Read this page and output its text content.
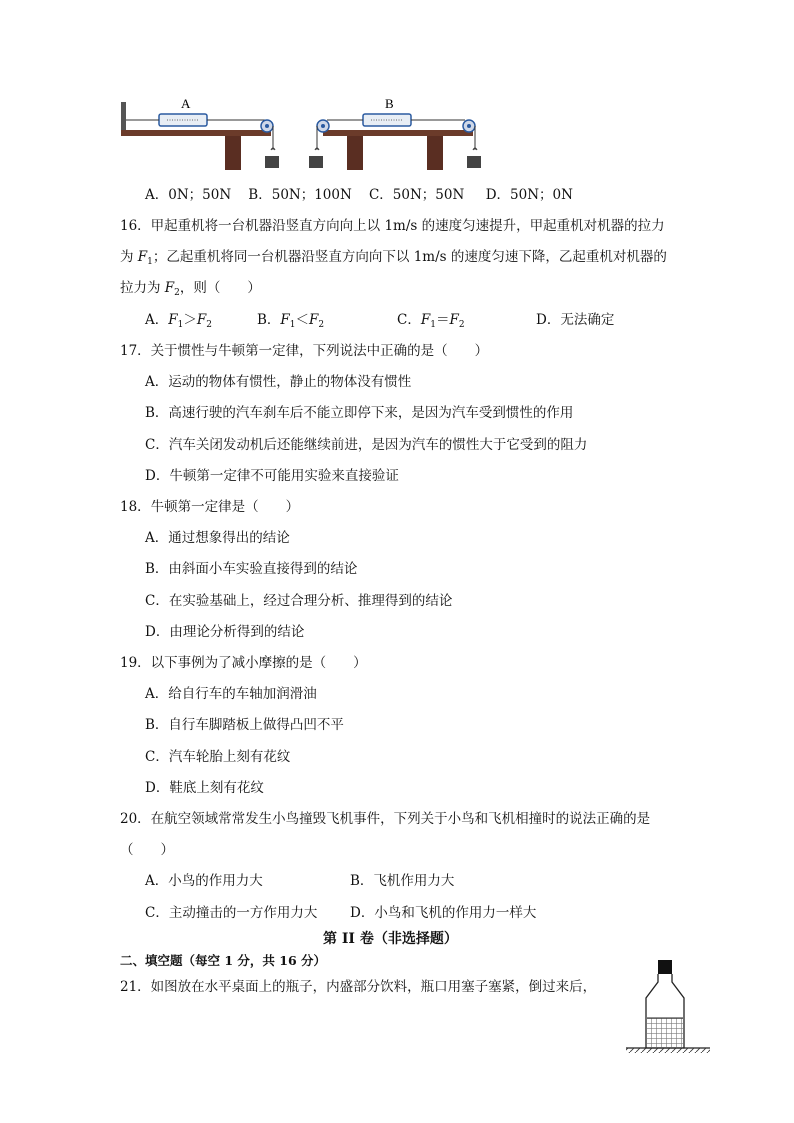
A	B
A．0N；50N    B．50N；100N    C．50N；50N     D．50N；0N
16．甲起重机将一台机器沿竖直方向向上以 1m/s 的速度匀速提升，甲起重机对机器的拉力
为 $F_1$；乙起重机将同一台机器沿竖直方向向下以 1m/s 的速度匀速下降，乙起重机对机器的
拉力为 $F_2$，则（　　）
A．$F_1>F_2$	B．$F_1<F_2$	C．$F_1=F_2$	D．无法确定
17．关于惯性与牛顿第一定律，下列说法中正确的是（　　）
A．运动的物体有惯性，静止的物体没有惯性
B．高速行驶的汽车刹车后不能立即停下来，是因为汽车受到惯性的作用
C．汽车关闭发动机后还能继续前进，是因为汽车的惯性大于它受到的阻力
D．牛顿第一定律不可能用实验来直接验证
18．牛顿第一定律是（　　）
A．通过想象得出的结论
B．由斜面小车实验直接得到的结论
C．在实验基础上，经过合理分析、推理得到的结论
D．由理论分析得到的结论
19．以下事例为了减小摩擦的是（　　）
A．给自行车的车轴加润滑油
B．自行车脚踏板上做得凸凹不平
C．汽车轮胎上刻有花纹
D．鞋底上刻有花纹
20．在航空领域常常发生小鸟撞毁飞机事件，下列关于小鸟和飞机相撞时的说法正确的是
（　　）
A．小鸟的作用力大	B．飞机作用力大
C．主动撞击的一方作用力大 D．小鸟和飞机的作用力一样大
第 II 卷（非选择题）
二、填空题（每空 1 分，共 16 分）
21．如图放在水平桌面上的瓶子，内盛部分饮料，瓶口用塞子塞紧，倒过来后，
